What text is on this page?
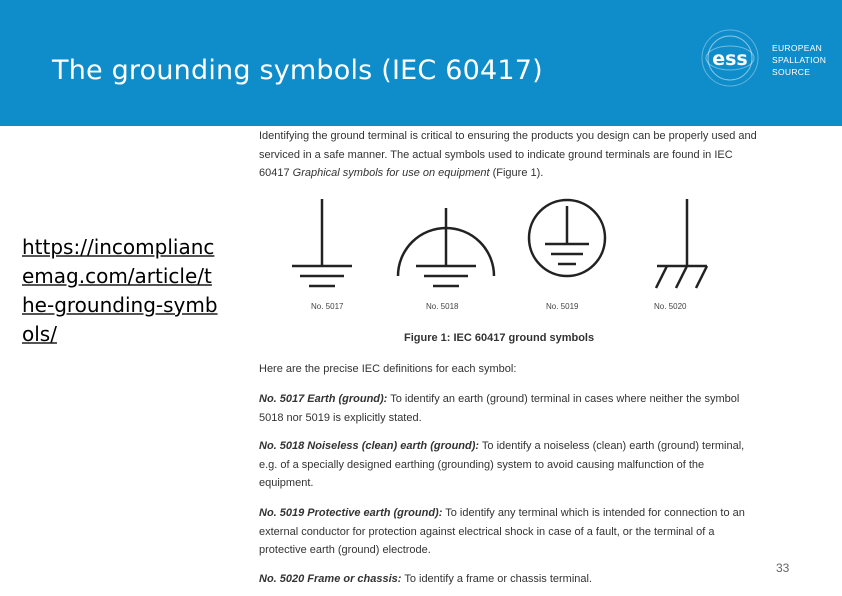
The grounding symbols (IEC 60417)	ess	EUROPEAN
SPALLATION
SOURCE
https://incompliancemag.com/article/the-grounding-symbols/
Identifying the ground terminal is critical to ensuring the products you design can be properly used and serviced in a safe manner. The actual symbols used to indicate ground terminals are found in IEC 60417 Graphical symbols for use on equipment (Figure 1).
No. 5017	No. 5018	No. 5019	No. 5020
Figure 1: IEC 60417 ground symbols
Here are the precise IEC definitions for each symbol:
No. 5017 Earth (ground): To identify an earth (ground) terminal in cases where neither the symbol 5018 nor 5019 is explicitly stated.
No. 5018 Noiseless (clean) earth (ground): To identify a noiseless (clean) earth (ground) terminal, e.g. of a specially designed earthing (grounding) system to avoid causing malfunction of the equipment.
No. 5019 Protective earth (ground): To identify any terminal which is intended for connection to an external conductor for protection against electrical shock in case of a fault, or the terminal of a protective earth (ground) electrode.
No. 5020 Frame or chassis: To identify a frame or chassis terminal.
33
